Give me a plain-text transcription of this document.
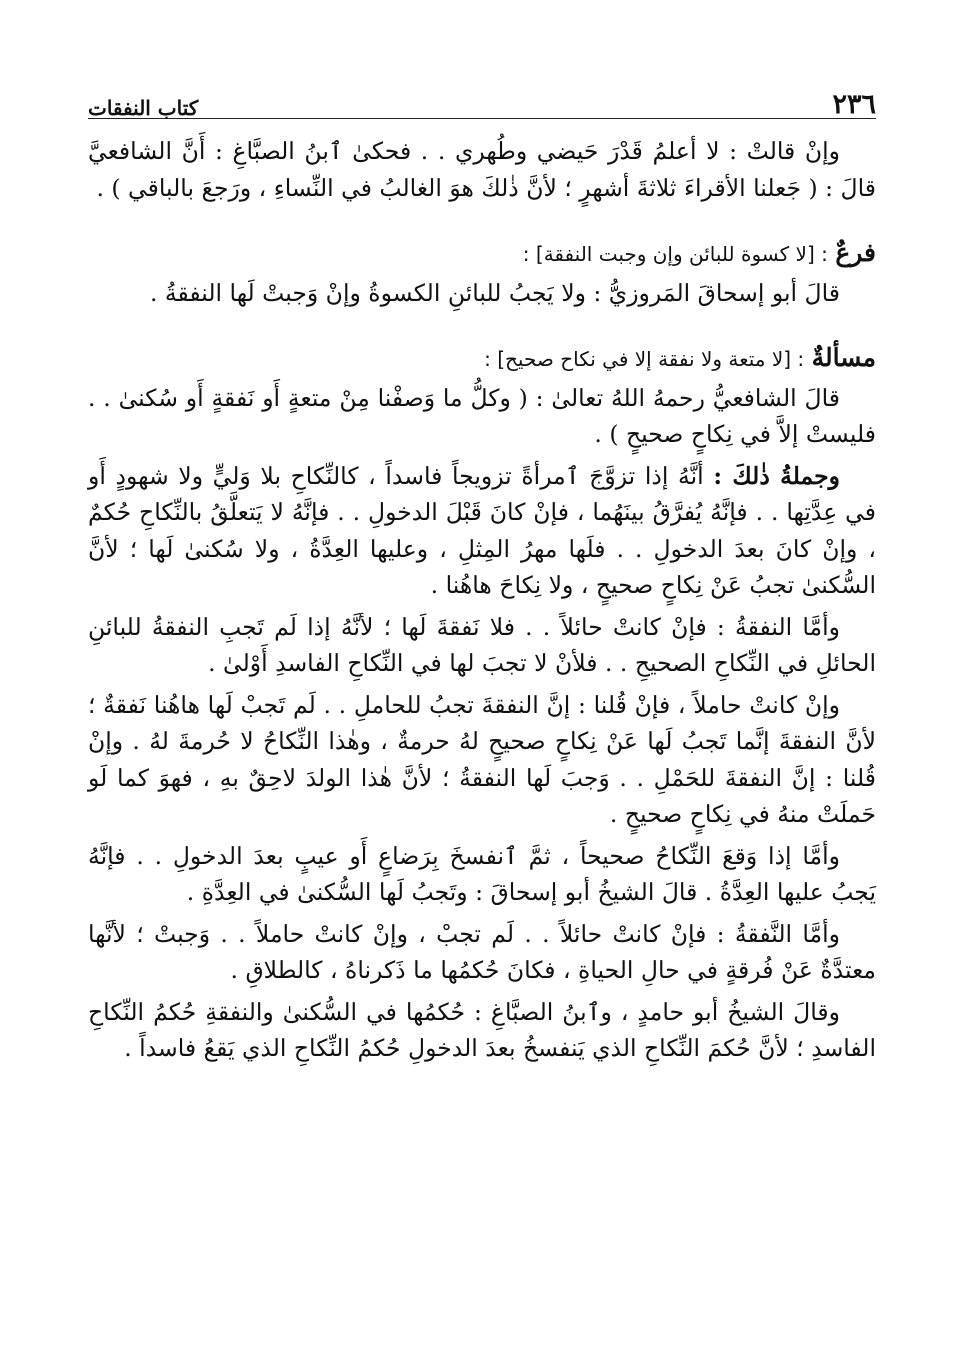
٢٣٦
كتاب النفقات

وإنْ قالتْ : لا أعلمُ قَدْرَ حَيضي وطُهري . . فحكىٰ ٱبنُ الصبَّاغِ : أَنَّ الشافعيَّ قالَ : ( جَعلنا الأقراءَ ثلاثةَ أشهرٍ ؛ لأنَّ ذٰلكَ هوَ الغالبُ في النِّساءِ ، ورَجعَ بالباقي ) .

فرعٌ : [لا كسوة للبائن وإن وجبت النفقة] :

قالَ أبو إسحاقَ المَروزيُّ : ولا يَجبُ للبائنِ الكسوةُ وإنْ وَجبتْ لَها النفقةُ .

مسألةٌ : [لا متعة ولا نفقة إلا في نكاح صحيح] :

قالَ الشافعيُّ رحمهُ اللهُ تعالىٰ : ( وكلُّ ما وَصفْنا مِنْ متعةٍ أَو نَفقةٍ أَو سُكنىٰ . . فليستْ إلاَّ في نِكاحٍ صحيحٍ ) .

وجملةُ ذٰلكَ : أنَّهُ إذا تزوَّجَ ٱمرأةً تزويجاً فاسداً ، كالنِّكاحِ بلا وَليٍّ ولا شهودٍ أَو في عِدَّتِها . . فإنَّهُ يُفرَّقُ بينَهُما ، فإنْ كانَ قَبْلَ الدخولِ . . فإنَّهُ لا يَتعلَّقُ بالنِّكاحِ حُكمٌ ، وإنْ كانَ بعدَ الدخولِ . . فلَها مهرُ المِثلِ ، وعليها العِدَّةُ ، ولا سُكنىٰ لَها ؛ لأنَّ السُّكنىٰ تجبُ عَنْ نِكاحٍ صحيحٍ ، ولا نِكاحَ هاهُنا .

وأمَّا النفقةُ : فإنْ كانتْ حائلاً . . فلا نَفقةَ لَها ؛ لأنَّهُ إذا لَم تَجبِ النفقةُ للبائنِ الحائلِ في النِّكاحِ الصحيحِ . . فلأنْ لا تجبَ لها في النِّكاحِ الفاسدِ أَوْلىٰ .

وإنْ كانتْ حاملاً ، فإنْ قُلنا : إنَّ النفقةَ تجبُ للحاملِ . . لَم تَجبْ لَها هاهُنا نَفقةٌ ؛ لأنَّ النفقةَ إنَّما تَجبُ لَها عَنْ نِكاحٍ صحيحٍ لهُ حرمةٌ ، وهٰذا النِّكاحُ لا حُرمةَ لهُ . وإنْ قُلنا : إنَّ النفقةَ للحَمْلِ . . وَجبَ لَها النفقةُ ؛ لأنَّ هٰذا الولدَ لاحِقٌ بهِ ، فهوَ كما لَو حَملَتْ منهُ في نِكاحٍ صحيحٍ .

وأمَّا إذا وَقعَ النِّكاحُ صحيحاً ، ثمَّ ٱنفسخَ بِرَضاعٍ أَو عيبٍ بعدَ الدخولِ . . فإنَّهُ يَجبُ عليها العِدَّةُ . قالَ الشيخُ أبو إسحاقَ : وتَجبُ لَها السُّكنىٰ في العِدَّةِ .

وأمَّا النَّفقةُ : فإنْ كانتْ حائلاً . . لَم تجبْ ، وإنْ كانتْ حاملاً . . وَجبتْ ؛ لأنَّها معتدَّةٌ عَنْ فُرقةٍ في حالِ الحياةِ ، فكانَ حُكمُها ما ذَكرناهُ ، كالطلاقِ .

وقالَ الشيخُ أبو حامدٍ ، وٱبنُ الصبَّاغِ : حُكمُها في السُّكنىٰ والنفقةِ حُكمُ النِّكاحِ الفاسدِ ؛ لأنَّ حُكمَ النِّكاحِ الذي يَنفسخُ بعدَ الدخولِ حُكمُ النِّكاحِ الذي يَقعُ فاسداً .
